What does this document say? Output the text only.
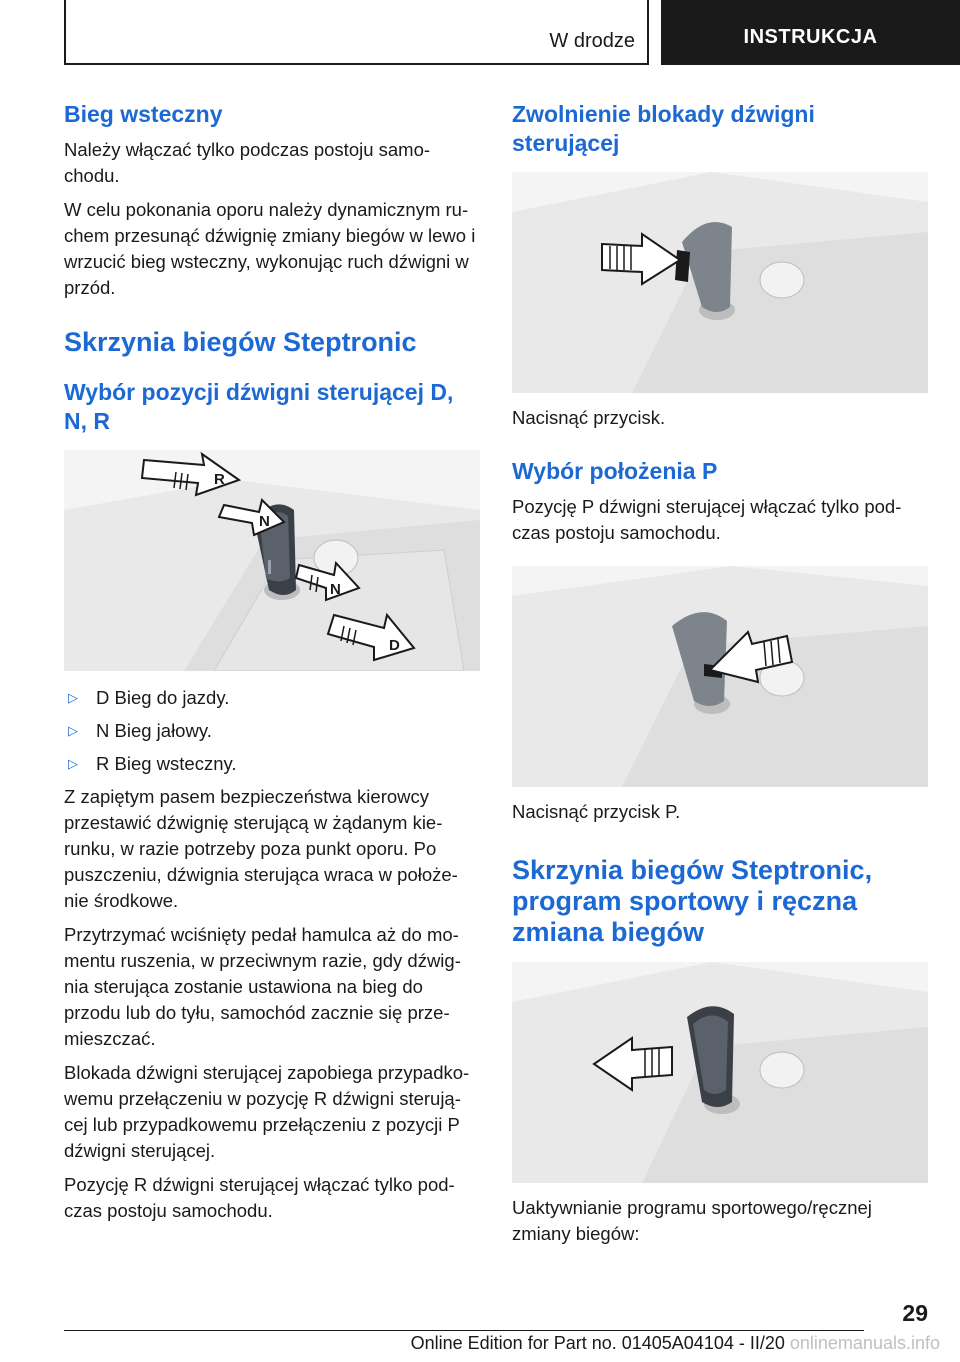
W drodze	INSTRUKCJA
Bieg wsteczny

Należy włączać tylko podczas postoju samo-chodu.

W celu pokonania oporu należy dynamicznym ru-chem przesunąć dźwignię zmiany biegów w lewo i wrzucić bieg wsteczny, wykonując ruch dźwigni w przód.

Skrzynia biegów Steptronic
Wybór pozycji dźwigni sterującej D, N, R
R
N
N
D
▷ D Bieg do jazdy.
▷ N Bieg jałowy.
▷ R Bieg wsteczny.

Z zapiętym pasem bezpieczeństwa kierowcy przestawić dźwignię sterującą w żądanym kie-runku, w razie potrzeby poza punkt oporu. Po puszczeniu, dźwignia sterująca wraca w położe-nie środkowe.

Przytrzymać wciśnięty pedał hamulca aż do mo-mentu ruszenia, w przeciwnym razie, gdy dźwig-nia sterująca zostanie ustawiona na bieg do przodu lub do tyłu, samochód zacznie się prze-mieszczać.

Blokada dźwigni sterującej zapobiega przypadko-wemu przełączeniu w pozycję R dźwigni sterują-cej lub przypadkowemu przełączeniu z pozycji P dźwigni sterującej.

Pozycję R dźwigni sterującej włączać tylko pod-czas postoju samochodu.

Zwolnienie blokady dźwigni sterującej

Nacisnąć przycisk.

Wybór położenia P

Pozycję P dźwigni sterującej włączać tylko pod-czas postoju samochodu.

Nacisnąć przycisk P.

Skrzynia biegów Steptronic, program sportowy i ręczna zmiana biegów

Uaktywnianie programu sportowego/ręcznej zmiany biegów:

29
Online Edition for Part no. 01405A04104 - II/20 onlinemanuals.info
